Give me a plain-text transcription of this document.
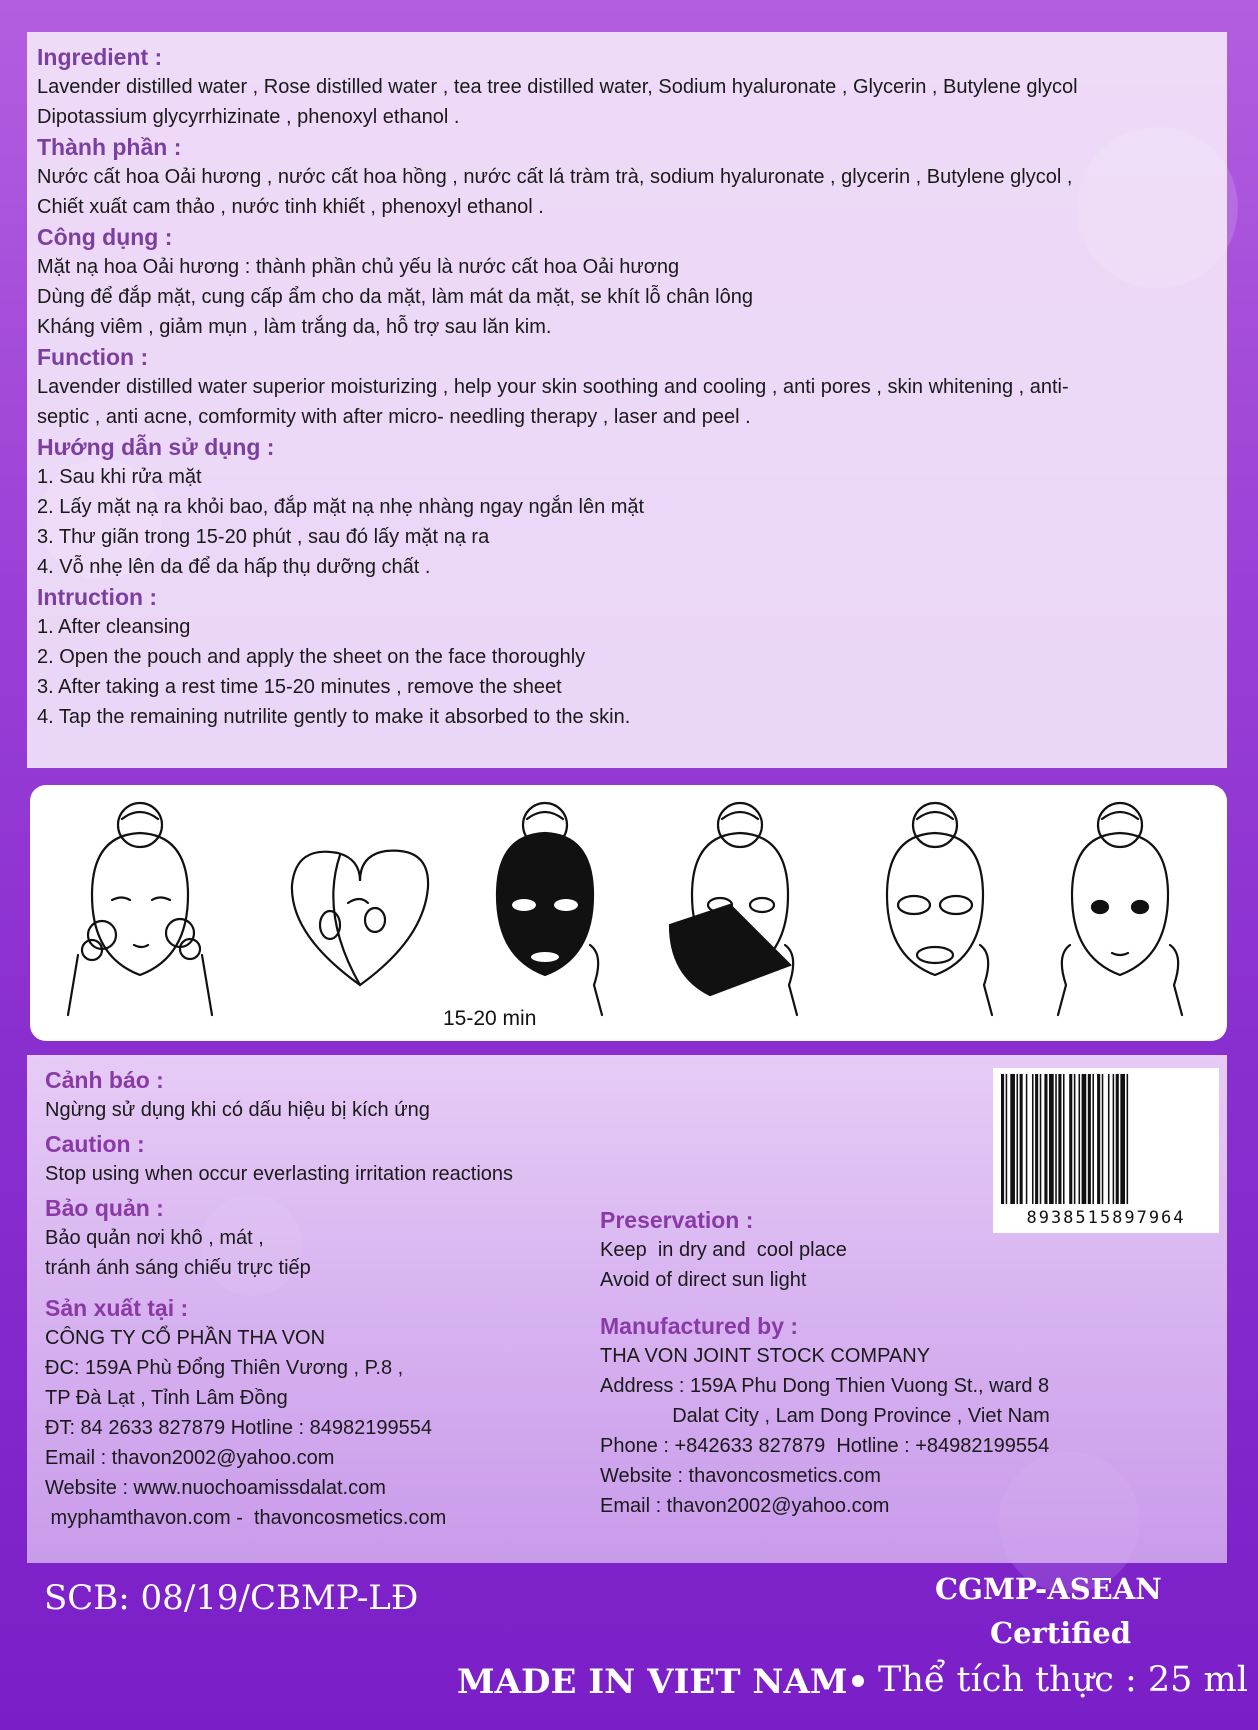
Ingredient :

Lavender distilled water , Rose distilled water , tea tree distilled water, Sodium hyaluronate , Glycerin , Butylene glycol

Dipotassium glycyrrhizinate , phenoxyl ethanol .

Thành phần :

Nước cất hoa Oải hương , nước cất hoa hồng , nước cất lá tràm trà, sodium hyaluronate , glycerin , Butylene glycol ,

Chiết xuất cam thảo , nước tinh khiết , phenoxyl ethanol .

Công dụng :

Mặt nạ hoa Oải hương : thành phần chủ yếu là nước cất hoa Oải hương

Dùng để đắp mặt, cung cấp ẩm cho da mặt, làm mát da mặt, se khít lỗ chân lông

Kháng viêm , giảm mụn , làm trắng da, hỗ trợ sau lăn kim.

Function :

Lavender distilled water superior moisturizing , help your skin soothing and cooling , anti pores , skin whitening , anti-

septic , anti acne, comformity with after micro- needling therapy , laser and peel .

Hướng dẫn sử dụng :

1. Sau khi rửa mặt

2. Lấy mặt nạ ra khỏi bao, đắp mặt nạ nhẹ nhàng ngay ngắn lên mặt

3. Thư giãn trong 15-20 phút , sau đó lấy mặt nạ ra

4. Vỗ nhẹ lên da để da hấp thụ dưỡng chất .

Intruction :

1. After cleansing

2. Open the pouch and apply the sheet on the face thoroughly

3. After taking a rest time 15-20 minutes , remove the sheet

4. Tap the remaining nutrilite gently to make it absorbed to the skin.

15-20 min

Cảnh báo :

Ngừng sử dụng khi có dấu hiệu bị kích ứng

Caution :

Stop using when occur everlasting irritation reactions

Bảo quản :

Bảo quản nơi khô , mát ,

tránh ánh sáng chiếu trực tiếp

Sản xuất tại :

CÔNG TY CỔ PHẦN THA VON

ĐC: 159A Phù Đổng Thiên Vương , P.8 ,

TP Đà Lạt , Tỉnh Lâm Đồng

ĐT: 84 2633 827879 Hotline : 84982199554

Email : thavon2002@yahoo.com

Website : www.nuochoamissdalat.com

myphamthavon.com -  thavoncosmetics.com

Preservation :

Keep  in dry and  cool place

Avoid of direct sun light

Manufactured by :

THA VON JOINT STOCK COMPANY

Address : 159A Phu Dong Thien Vuong St., ward 8

Dalat City , Lam Dong Province , Viet Nam

Phone : +842633 827879  Hotline : +84982199554

Website : thavoncosmetics.com

Email : thavon2002@yahoo.com

8938515897964
SCB: 08/19/CBMP-LĐ	CGMP-ASEAN
Certified
MADE IN VIET NAM Thể tích thực : 25 ml
